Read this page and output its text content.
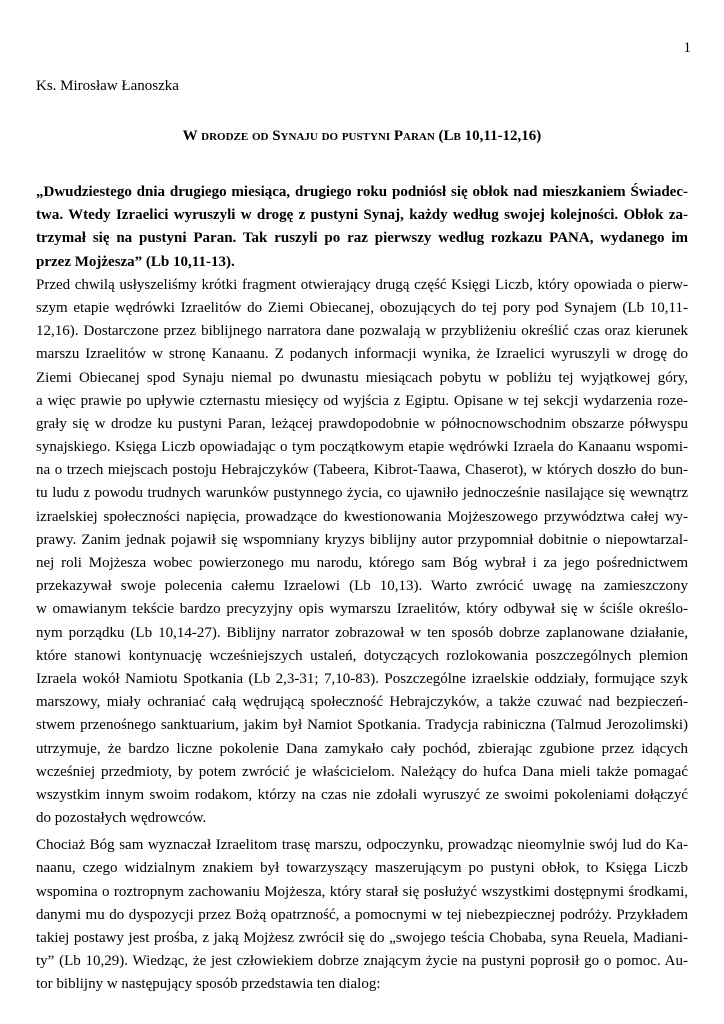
1
Ks. Mirosław Łanoszka
W drodze od Synaju do pustyni Paran (Lb 10,11-12,16)
„Dwudziestego dnia drugiego miesiąca, drugiego roku podniósł się obłok nad mieszkaniem Świadec-
twa. Wtedy Izraelici wyruszyli w drogę z pustyni Synaj, każdy według swojej kolejności. Obłok za-
trzymał się na pustyni Paran. Tak ruszyli po raz pierwszy według rozkazu PANA, wydanego im
przez Mojżesza” (Lb 10,11-13).
Przed chwilą usłyszeliśmy krótki fragment otwierający drugą część Księgi Liczb, który opowiada o pierw-
szym etapie wędrówki Izraelitów do Ziemi Obiecanej, obozujących do tej pory pod Synajem (Lb 10,11-
12,16). Dostarczone przez biblijnego narratora dane pozwalają w przybliżeniu określić czas oraz kierunek
marszu Izraelitów w stronę Kanaanu. Z podanych informacji wynika, że Izraelici wyruszyli w drogę do
Ziemi Obiecanej spod Synaju niemal po dwunastu miesiącach pobytu w pobliżu tej wyjątkowej góry,
a więc prawie po upływie czternastu miesięcy od wyjścia z Egiptu. Opisane w tej sekcji wydarzenia roze-
grały się w drodze ku pustyni Paran, leżącej prawdopodobnie w północnowschodnim obszarze półwyspu
synajskiego. Księga Liczb opowiadając o tym początkowym etapie wędrówki Izraela do Kanaanu wspomi-
na o trzech miejscach postoju Hebrajczyków (Tabeera, Kibrot-Taawa, Chaserot), w których doszło do bun-
tu ludu z powodu trudnych warunków pustynnego życia, co ujawniło jednocześnie nasilające się wewnątrz
izraelskiej społeczności napięcia, prowadzące do kwestionowania Mojżeszowego przywództwa całej wy-
prawy. Zanim jednak pojawił się wspomniany kryzys biblijny autor przypomniał dobitnie o niepowtarzal-
nej roli Mojżesza wobec powierzonego mu narodu, którego sam Bóg wybrał i za jego pośrednictwem
przekazywał swoje polecenia całemu Izraelowi (Lb 10,13). Warto zwrócić uwagę na zamieszczony
w omawianym tekście bardzo precyzyjny opis wymarszu Izraelitów, który odbywał się w ściśle określo-
nym porządku (Lb 10,14-27). Biblijny narrator zobrazował w ten sposób dobrze zaplanowane działanie,
które stanowi kontynuację wcześniejszych ustaleń, dotyczących rozlokowania poszczególnych plemion
Izraela wokół Namiotu Spotkania (Lb 2,3-31; 7,10-83). Poszczególne izraelskie oddziały, formujące szyk
marszowy, miały ochraniać całą wędrującą społeczność Hebrajczyków, a także czuwać nad bezpieczeń-
stwem przenośnego sanktuarium, jakim był Namiot Spotkania. Tradycja rabiniczna (Talmud Jerozolimski)
utrzymuje, że bardzo liczne pokolenie Dana zamykało cały pochód, zbierając zgubione przez idących
wcześniej przedmioty, by potem zwrócić je właścicielom. Należący do hufca Dana mieli także pomagać
wszystkim innym swoim rodakom, którzy na czas nie zdołali wyruszyć ze swoimi pokoleniami dołączyć
do pozostałych wędrowców.
Chociaż Bóg sam wyznaczał Izraelitom trasę marszu, odpoczynku, prowadząc nieomylnie swój lud do Ka-
naanu, czego widzialnym znakiem był towarzyszący maszerującym po pustyni obłok, to Księga Liczb
wspomina o roztropnym zachowaniu Mojżesza, który starał się posłużyć wszystkimi dostępnymi środkami,
danymi mu do dyspozycji przez Bożą opatrzność, a pomocnymi w tej niebezpiecznej podróży. Przykładem
takiej postawy jest prośba, z jaką Mojżesz zwrócił się do „swojego teścia Chobaba, syna Reuela, Madiani-
ty” (Lb 10,29). Wiedząc, że jest człowiekiem dobrze znającym życie na pustyni poprosił go o pomoc. Au-
tor biblijny w następujący sposób przedstawia ten dialog:
